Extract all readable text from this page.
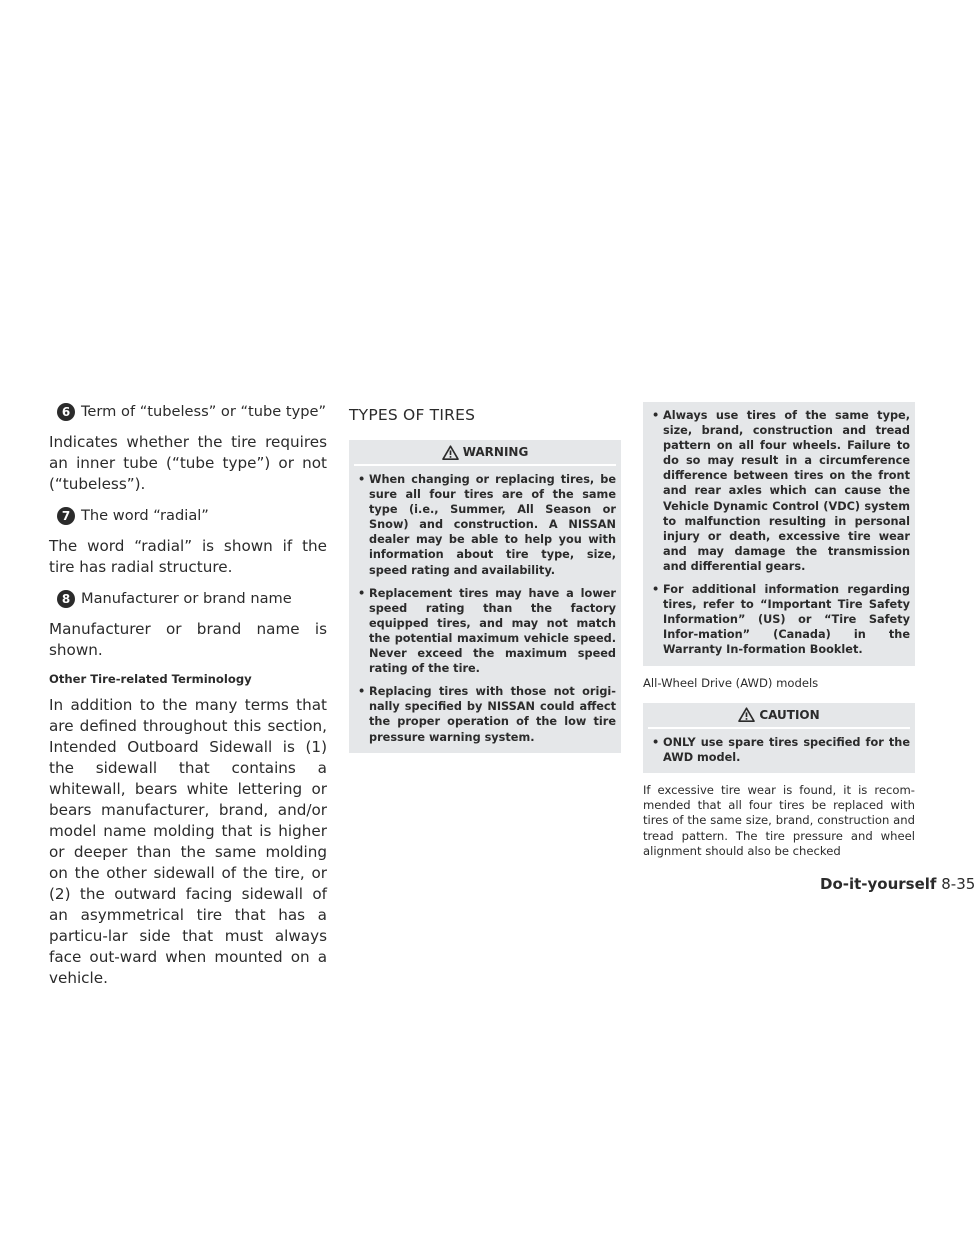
6 Term of “tubeless” or “tube type”

Indicates whether the tire requires an inner tube (“tube type”) or not (“tubeless”).

7 The word “radial”

The word “radial” is shown if the tire has radial structure.

8 Manufacturer or brand name

Manufacturer or brand name is shown.

Other Tire-related Terminology

In addition to the many terms that are defined throughout this section, Intended Outboard Sidewall is (1) the sidewall that contains a whitewall, bears white lettering or bears manufacturer, brand, and/or model name molding that is higher or deeper than the same molding on the other sidewall of the tire, or (2) the outward facing sidewall of an asymmetrical tire that has a particu-lar side that must always face out-ward when mounted on a vehicle.

TYPES OF TIRES
WARNING
• When changing or replacing tires, be sure all four tires are of the same type (i.e., Summer, All Season or Snow) and construction. A NISSAN dealer may be able to help you with information about tire type, size, speed rating and availability.
• Replacement tires may have a lower speed rating than the factory equipped tires, and may not match the potential maximum vehicle speed. Never exceed the maximum speed rating of the tire.
• Replacing tires with those not origi-nally specified by NISSAN could affect the proper operation of the low tire pressure warning system.
• Always use tires of the same type, size, brand, construction and tread pattern on all four wheels. Failure to do so may result in a circumference difference between tires on the front and rear axles which can cause the Vehicle Dynamic Control (VDC) system to malfunction resulting in personal injury or death, excessive tire wear and may damage the transmission and differential gears.
• For additional information regarding tires, refer to “Important Tire Safety Information” (US) or “Tire Safety Infor-mation” (Canada) in the Warranty In-formation Booklet.

All-Wheel Drive (AWD) models

CAUTION
• ONLY use spare tires specified for the AWD model.

If excessive tire wear is found, it is recom-mended that all four tires be replaced with tires of the same size, brand, construction and tread pattern. The tire pressure and wheel alignment should also be checked

Do-it-yourself 8-35
